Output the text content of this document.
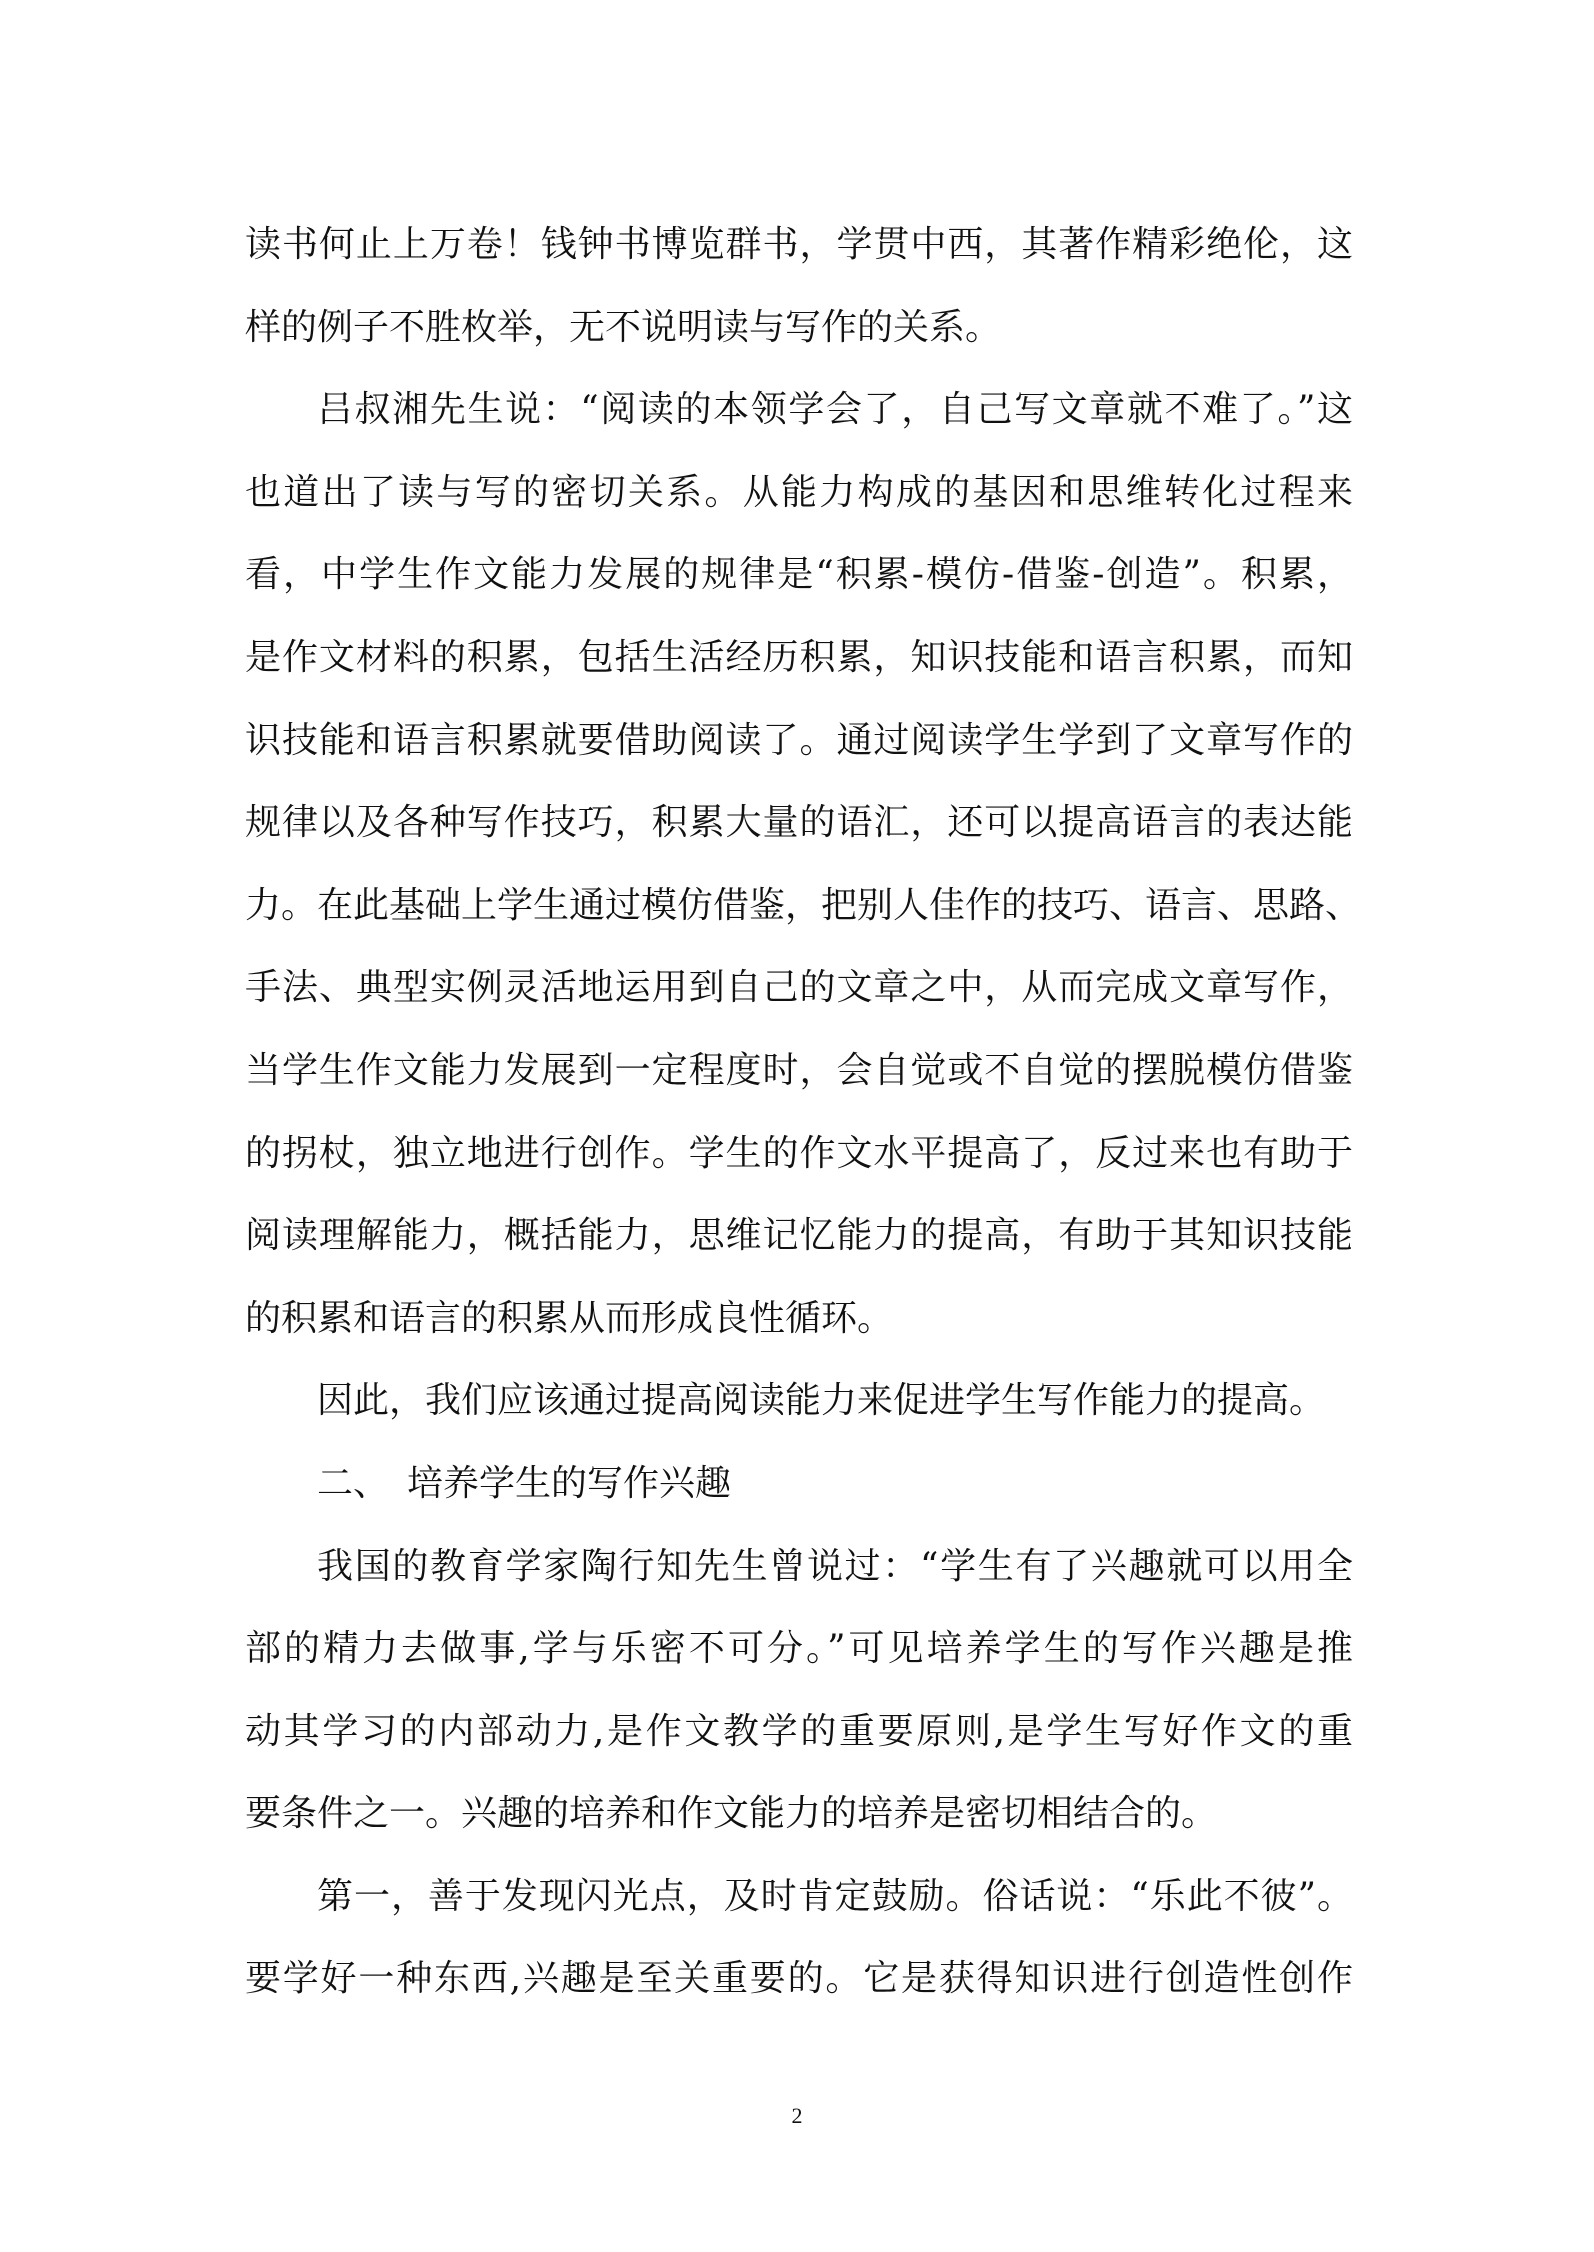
读书何止上万卷！钱钟书博览群书，学贯中西，其著作精彩绝伦，这
样的例子不胜枚举，无不说明读与写作的关系。
吕叔湘先生说：“阅读的本领学会了，自己写文章就不难了。”这
也道出了读与写的密切关系。从能力构成的基因和思维转化过程来
看，中学生作文能力发展的规律是“积累-模仿-借鉴-创造”。积累，
是作文材料的积累，包括生活经历积累，知识技能和语言积累，而知
识技能和语言积累就要借助阅读了。通过阅读学生学到了文章写作的
规律以及各种写作技巧，积累大量的语汇，还可以提高语言的表达能
力。在此基础上学生通过模仿借鉴，把别人佳作的技巧、语言、思路、
手法、典型实例灵活地运用到自己的文章之中，从而完成文章写作，
当学生作文能力发展到一定程度时，会自觉或不自觉的摆脱模仿借鉴
的拐杖，独立地进行创作。学生的作文水平提高了，反过来也有助于
阅读理解能力，概括能力，思维记忆能力的提高，有助于其知识技能
的积累和语言的积累从而形成良性循环。
因此，我们应该通过提高阅读能力来促进学生写作能力的提高。
二、 培养学生的写作兴趣
我国的教育学家陶行知先生曾说过：“学生有了兴趣就可以用全
部的精力去做事,学与乐密不可分。”可见培养学生的写作兴趣是推
动其学习的内部动力,是作文教学的重要原则,是学生写好作文的重
要条件之一。兴趣的培养和作文能力的培养是密切相结合的。
第一，善于发现闪光点，及时肯定鼓励。俗话说：“乐此不彼”。
要学好一种东西,兴趣是至关重要的。它是获得知识进行创造性创作
2
